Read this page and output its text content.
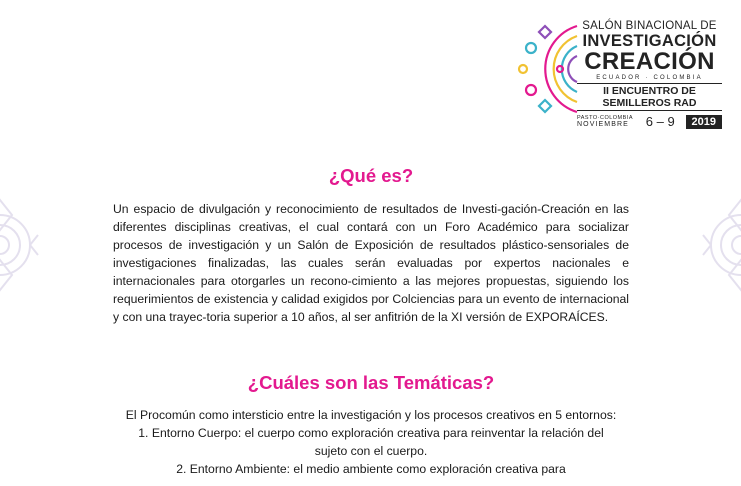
SALÓN BINACIONAL DE
INVESTIGACIÓN
CREACIÓN
ECUADOR · COLOMBIA
II ENCUENTRO DE SEMILLEROS RAD
PASTO·COLOMBIA
NOVIEMBRE	6 – 9	2019
¿Qué es?

Un espacio de divulgación y reconocimiento de resultados de Investi-gación-Creación en las diferentes disciplinas creativas, el cual contará con un Foro Académico para socializar procesos de investigación y un Salón de Exposición de resultados plástico-sensoriales de investigaciones finalizadas, las cuales serán evaluadas por expertos nacionales e internacionales para otorgarles un recono-cimiento a las mejores propuestas, siguiendo los requerimientos de existencia y calidad exigidos por Colciencias para un evento de internacional y con una trayec-toria superior a 10 años, al ser anfitrión de la XI versión de EXPORAÍCES.

¿Cuáles son las Temáticas?

El Procomún como intersticio entre la investigación y los procesos creativos en 5 entornos:

1. Entorno Cuerpo: el cuerpo como exploración creativa para reinventar la relación del sujeto con el cuerpo.

2. Entorno Ambiente: el medio ambiente como exploración creativa para
